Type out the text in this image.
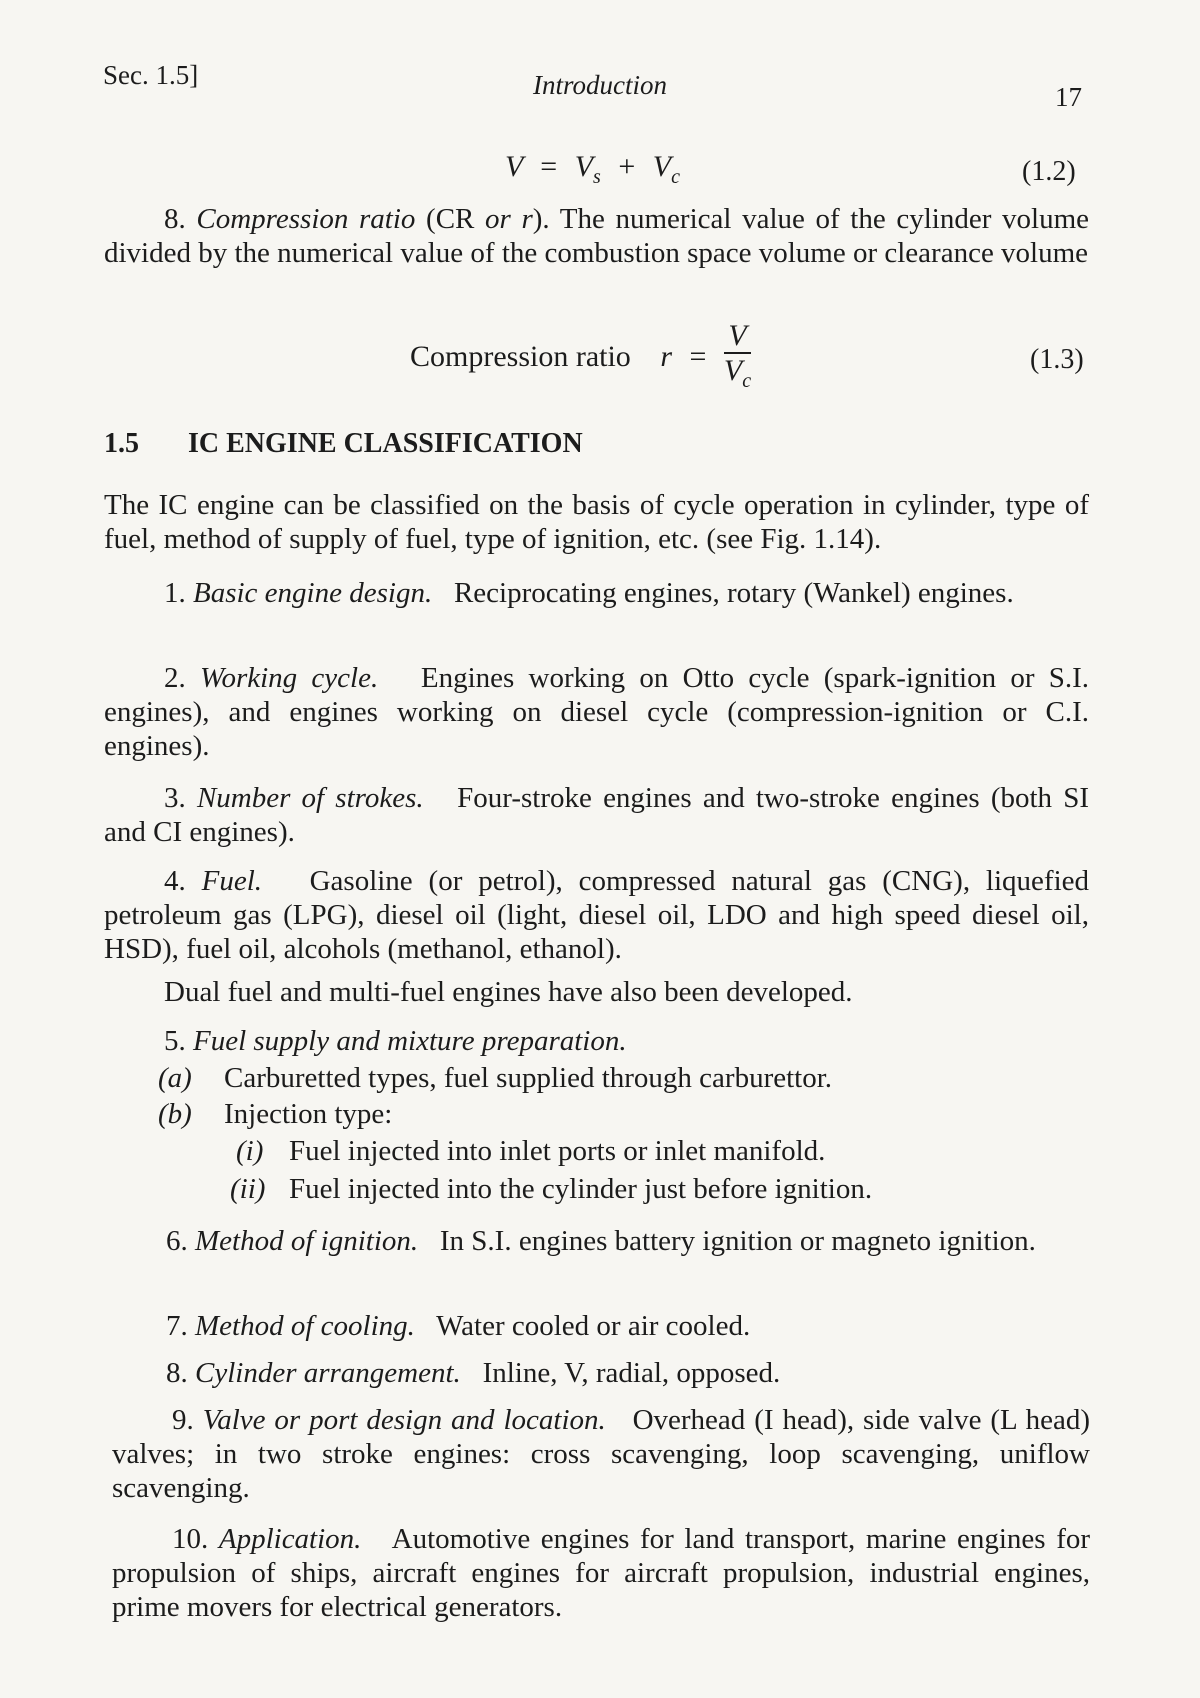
Sec. 1.5]	Introduction	17
$V = V_s + V_c$	(1.2)
8. Compression ratio (CR or r). The numerical value of the cylinder volume divided by the numerical value of the combustion space volume or clearance volume
Compression ratio $r = \frac{V}{V_c}$	(1.3)
1.5 IC ENGINE CLASSIFICATION
The IC engine can be classified on the basis of cycle operation in cylinder, type of fuel, method of supply of fuel, type of ignition, etc. (see Fig. 1.14).
1. Basic engine design. Reciprocating engines, rotary (Wankel) engines.
2. Working cycle. Engines working on Otto cycle (spark-ignition or S.I. engines), and engines working on diesel cycle (compression-ignition or C.I. engines).
3. Number of strokes. Four-stroke engines and two-stroke engines (both SI and CI engines).
4. Fuel. Gasoline (or petrol), compressed natural gas (CNG), liquefied petroleum gas (LPG), diesel oil (light, diesel oil, LDO and high speed diesel oil, HSD), fuel oil, alcohols (methanol, ethanol).
Dual fuel and multi-fuel engines have also been developed.
5. Fuel supply and mixture preparation.
(a) Carburetted types, fuel supplied through carburettor.
(b) Injection type:
(i) Fuel injected into inlet ports or inlet manifold.
(ii) Fuel injected into the cylinder just before ignition.
6. Method of ignition. In S.I. engines battery ignition or magneto ignition.
7. Method of cooling. Water cooled or air cooled.
8. Cylinder arrangement. Inline, V, radial, opposed.
9. Valve or port design and location. Overhead (I head), side valve (L head) valves; in two stroke engines: cross scavenging, loop scavenging, uniflow scavenging.
10. Application. Automotive engines for land transport, marine engines for propulsion of ships, aircraft engines for aircraft propulsion, industrial engines, prime movers for electrical generators.
